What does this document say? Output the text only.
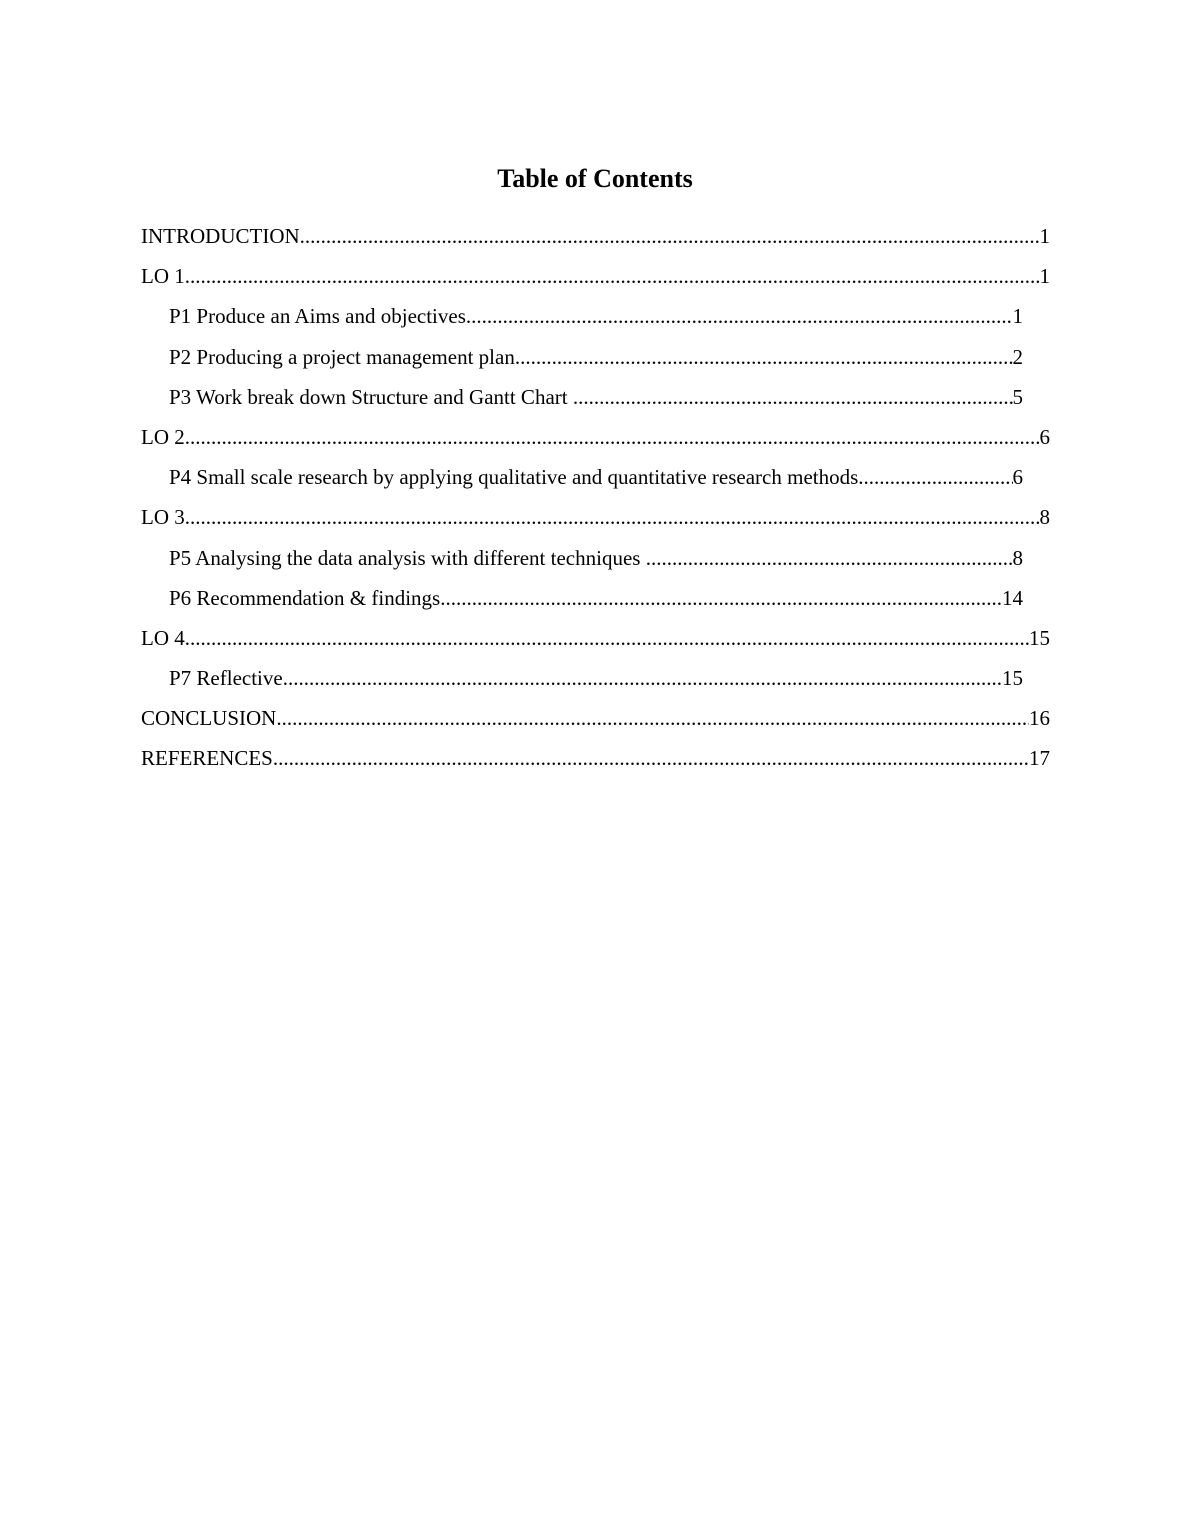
Table of Contents
INTRODUCTION .....	1
LO 1 .....	1
P1 Produce an Aims and objectives .....	1
P2 Producing a project management plan .....	2
P3 Work break down Structure and Gantt Chart .....	5
LO 2 .....	6
P4 Small scale research by applying qualitative and quantitative research methods .....	6
LO 3 .....	8
P5 Analysing the data analysis with different techniques .....	8
P6 Recommendation & findings .....	14
LO 4 .....	15
P7 Reflective .....	15
CONCLUSION .....	16
REFERENCES .....	17
